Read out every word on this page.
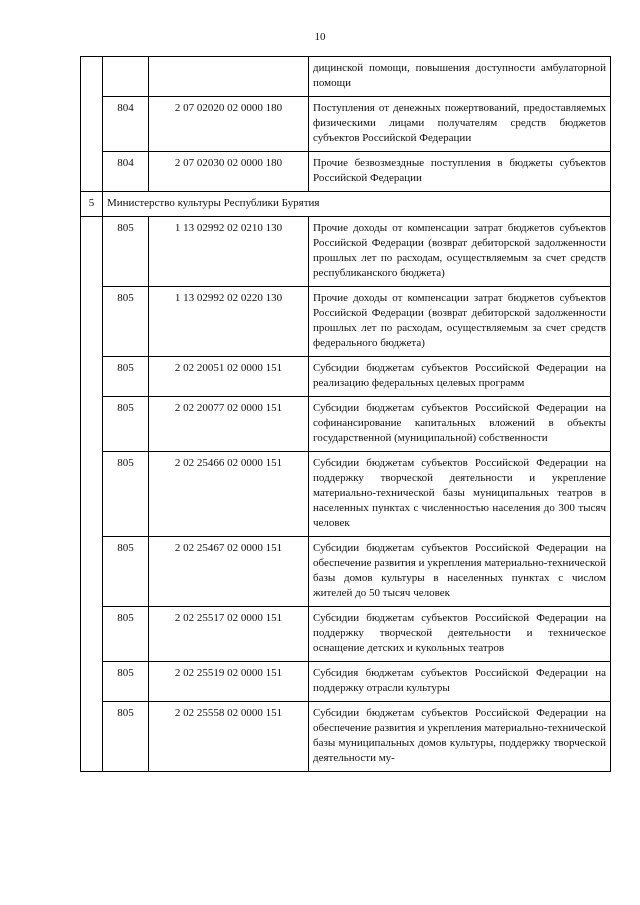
10
			дицинской помощи, повышения доступности амбулаторной помощи
	804	2 07 02020 02 0000 180	Поступления от денежных пожертвований, предоставляемых физическими лицами получателям средств бюджетов субъектов Российской Федерации
	804	2 07 02030 02 0000 180	Прочие безвозмездные поступления в бюджеты субъектов Российской Федерации
5	Министерство культуры Республики Бурятия		
	805	1 13 02992 02 0210 130	Прочие доходы от компенсации затрат бюджетов субъектов Российской Федерации (возврат дебиторской задолженности прошлых лет по расходам, осуществляемым за счет средств республиканского бюджета)
	805	1 13 02992 02 0220 130	Прочие доходы от компенсации затрат бюджетов субъектов Российской Федерации (возврат дебиторской задолженности прошлых лет по расходам, осуществляемым за счет средств федерального бюджета)
	805	2 02 20051 02 0000 151	Субсидии бюджетам субъектов Российской Федерации на реализацию федеральных целевых программ
	805	2 02 20077 02 0000 151	Субсидии бюджетам субъектов Российской Федерации на софинансирование капитальных вложений в объекты государственной (муниципальной) собственности
	805	2 02 25466 02 0000 151	Субсидии бюджетам субъектов Российской Федерации на поддержку творческой деятельности и укрепление материально-технической базы муниципальных театров в населенных пунктах с численностью населения до 300 тысяч человек
	805	2 02 25467 02 0000 151	Субсидии бюджетам субъектов Российской Федерации на обеспечение развития и укрепления материально-технической базы домов культуры в населенных пунктах с числом жителей до 50 тысяч человек
	805	2 02 25517 02 0000 151	Субсидии бюджетам субъектов Российской Федерации на поддержку творческой деятельности и техническое оснащение детских и кукольных театров
	805	2 02 25519 02 0000 151	Субсидия бюджетам субъектов Российской Федерации на поддержку отрасли культуры
	805	2 02 25558 02 0000 151	Субсидии бюджетам субъектов Российской Федерации на обеспечение развития и укрепления материально-технической базы муниципальных домов культуры, поддержку творческой деятельности му-
